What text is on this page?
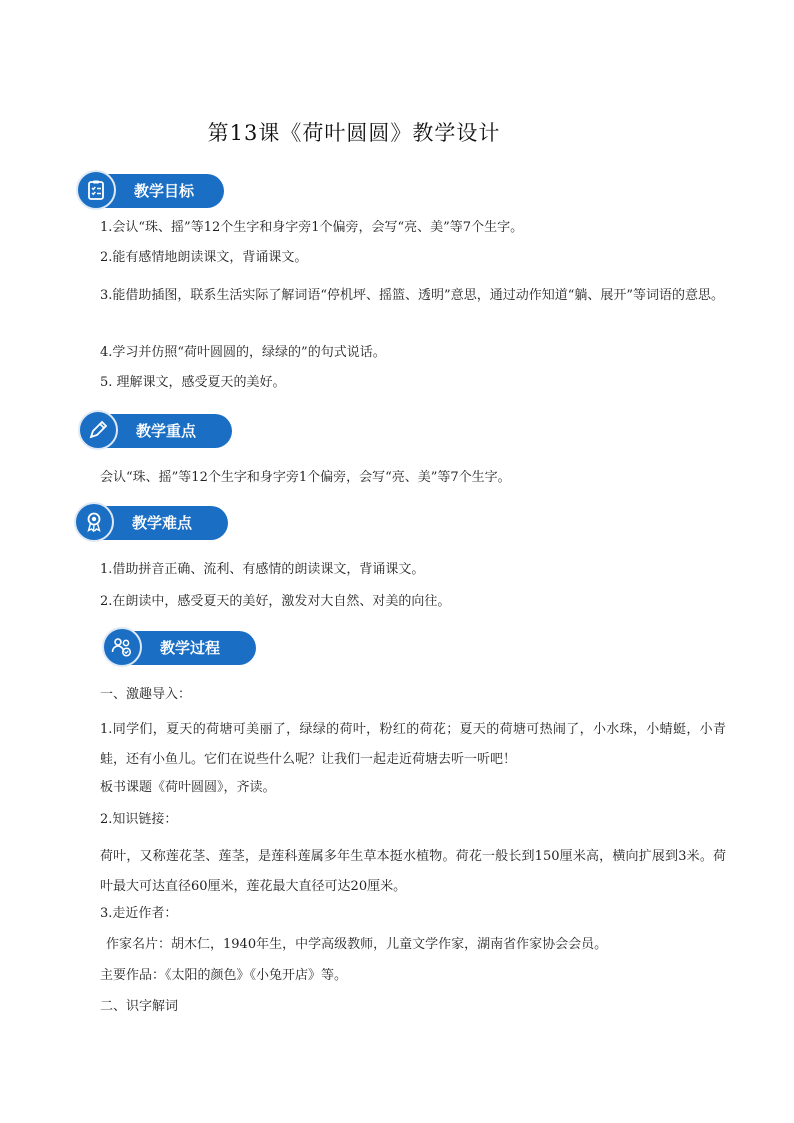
第13课《荷叶圆圆》教学设计
教学目标

1.会认“珠、摇”等12个生字和身字旁1个偏旁，会写“亮、美”等7个生字。

2.能有感情地朗读课文，背诵课文。

3.能借助插图，联系生活实际了解词语“停机坪、摇篮、透明”意思，通过动作知道“躺、展开”等词语的意思。

4.学习并仿照“荷叶圆圆的，绿绿的”的句式说话。

5. 理解课文，感受夏天的美好。

教学重点

会认“珠、摇”等12个生字和身字旁1个偏旁，会写“亮、美”等7个生字。

教学难点

1.借助拼音正确、流利、有感情的朗读课文，背诵课文。

2.在朗读中，感受夏天的美好，激发对大自然、对美的向往。

教学过程

一、激趣导入：

1.同学们，夏天的荷塘可美丽了，绿绿的荷叶，粉红的荷花；夏天的荷塘可热闹了，小水珠，小蜻蜓，小青蛙，还有小鱼儿。它们在说些什么呢？让我们一起走近荷塘去听一听吧！

板书课题《荷叶圆圆》，齐读。

2.知识链接：

荷叶，又称莲花茎、莲茎，是莲科莲属多年生草本挺水植物。荷花一般长到150厘米高，横向扩展到3米。荷叶最大可达直径60厘米，莲花最大直径可达20厘米。

3.走近作者：

作家名片：胡木仁，1940年生，中学高级教师，儿童文学作家，湖南省作家协会会员。

主要作品：《太阳的颜色》《小兔开店》等。

二、识字解词
